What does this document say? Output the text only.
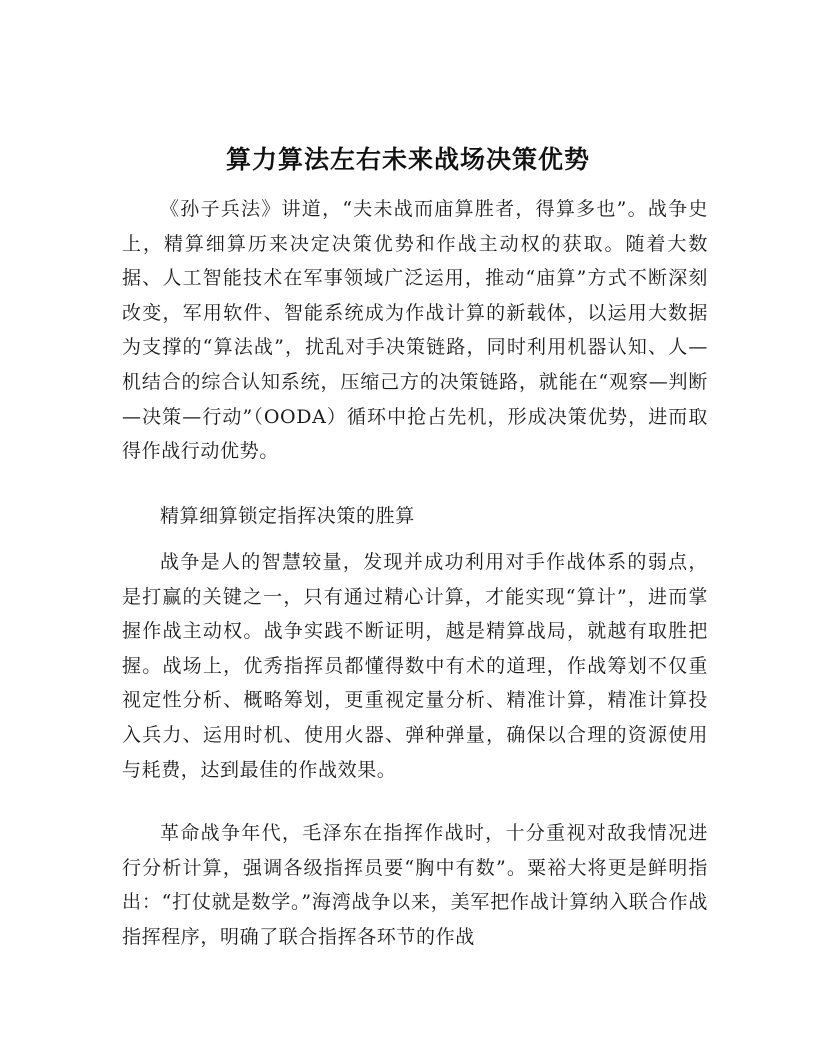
算力算法左右未来战场决策优势

《孙子兵法》讲道，“夫未战而庙算胜者，得算多也”。战争史上，精算细算历来决定决策优势和作战主动权的获取。随着大数据、人工智能技术在军事领域广泛运用，推动“庙算”方式不断深刻改变，军用软件、智能系统成为作战计算的新载体，以运用大数据为支撑的“算法战”，扰乱对手决策链路，同时利用机器认知、人—机结合的综合认知系统，压缩己方的决策链路，就能在“观察—判断—决策—行动”（OODA）循环中抢占先机，形成决策优势，进而取得作战行动优势。

精算细算锁定指挥决策的胜算

战争是人的智慧较量，发现并成功利用对手作战体系的弱点，是打赢的关键之一，只有通过精心计算，才能实现“算计”，进而掌握作战主动权。战争实践不断证明，越是精算战局，就越有取胜把握。战场上，优秀指挥员都懂得数中有术的道理，作战筹划不仅重视定性分析、概略筹划，更重视定量分析、精准计算，精准计算投入兵力、运用时机、使用火器、弹种弹量，确保以合理的资源使用与耗费，达到最佳的作战效果。

革命战争年代，毛泽东在指挥作战时，十分重视对敌我情况进行分析计算，强调各级指挥员要“胸中有数”。粟裕大将更是鲜明指出：“打仗就是数学。”海湾战争以来，美军把作战计算纳入联合作战指挥程序，明确了联合指挥各环节的作战
